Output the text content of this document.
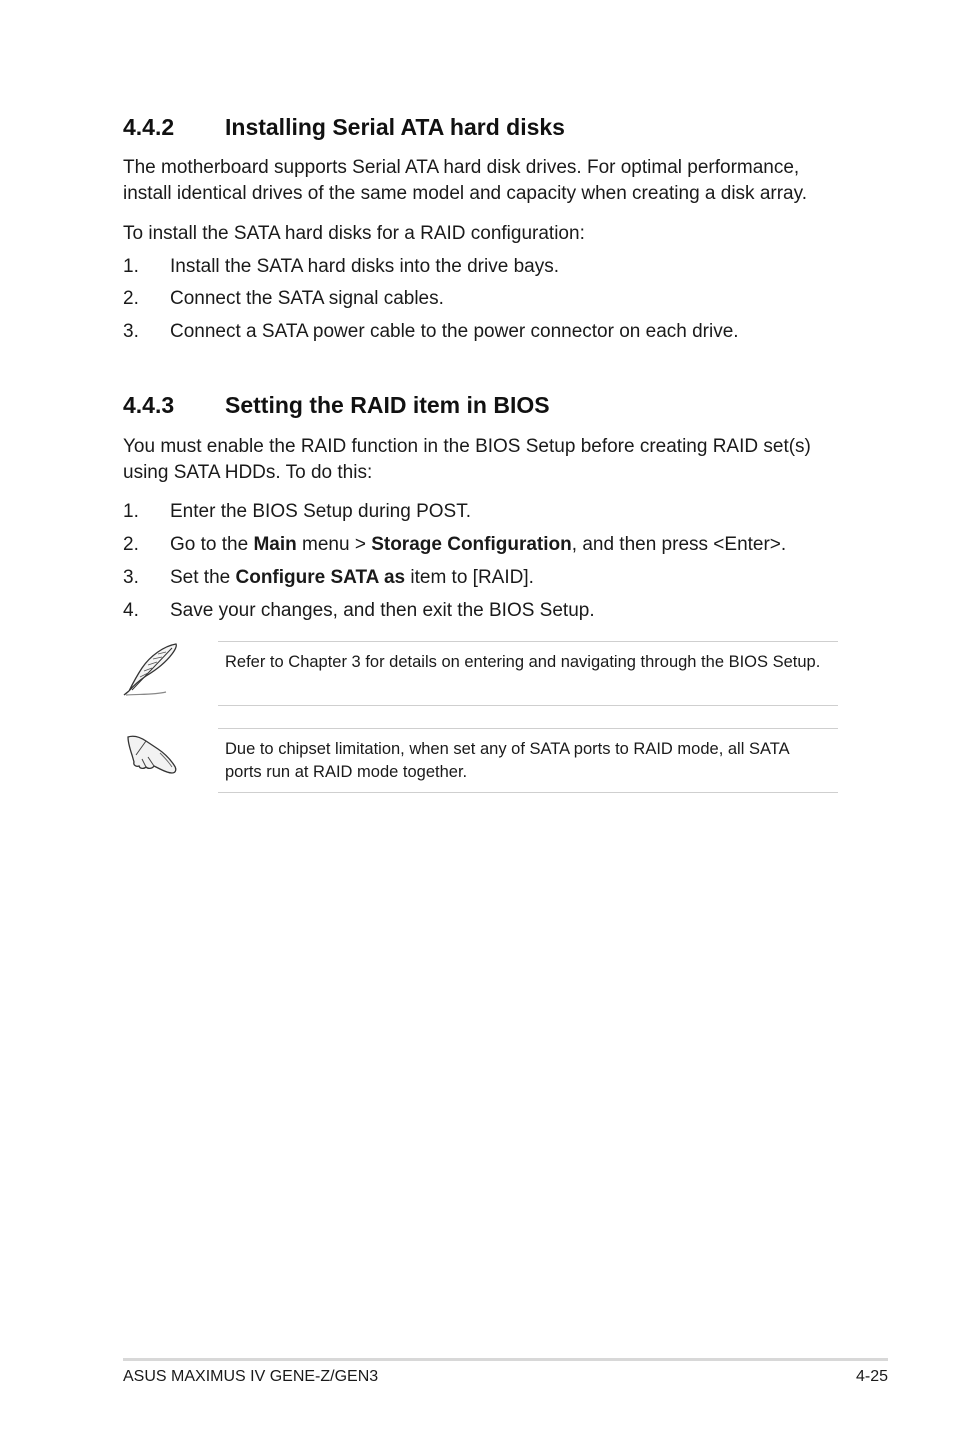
4.4.2 Installing Serial ATA hard disks
The motherboard supports Serial ATA hard disk drives. For optimal performance, install identical drives of the same model and capacity when creating a disk array.
To install the SATA hard disks for a RAID configuration:
1. Install the SATA hard disks into the drive bays.
2. Connect the SATA signal cables.
3. Connect a SATA power cable to the power connector on each drive.
4.4.3 Setting the RAID item in BIOS
You must enable the RAID function in the BIOS Setup before creating RAID set(s) using SATA HDDs. To do this:
1. Enter the BIOS Setup during POST.
2. Go to the Main menu > Storage Configuration, and then press <Enter>.
3. Set the Configure SATA as item to [RAID].
4. Save your changes, and then exit the BIOS Setup.
Refer to Chapter 3 for details on entering and navigating through the BIOS Setup.
Due to chipset limitation, when set any of SATA ports to RAID mode, all SATA ports run at RAID mode together.
ASUS MAXIMUS IV GENE-Z/GEN3	4-25
